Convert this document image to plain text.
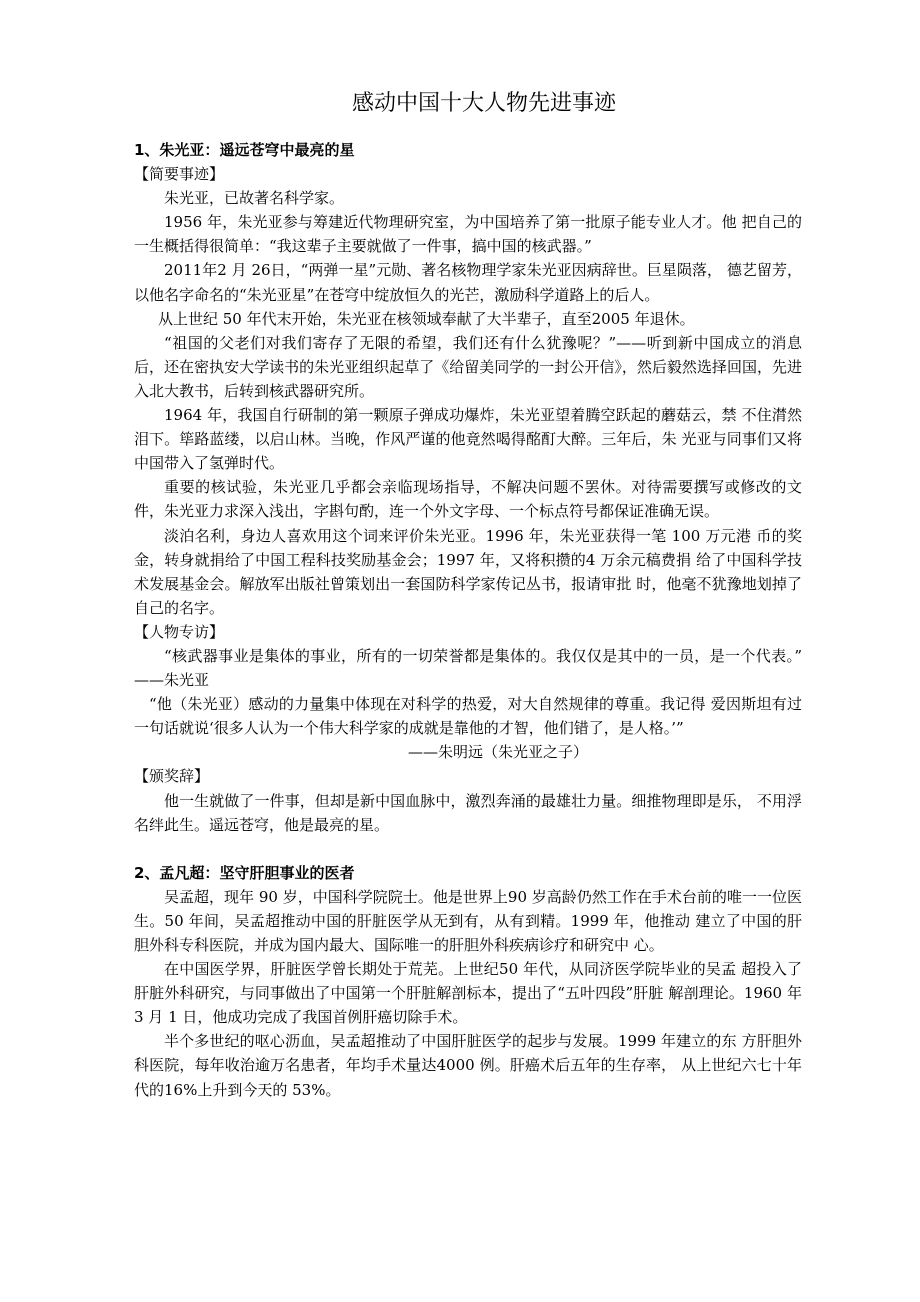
感动中国十大人物先进事迹

1、朱光亚：遥远苍穹中最亮的星

【简要事迹】

朱光亚，已故著名科学家。

1956 年，朱光亚参与筹建近代物理研究室，为中国培养了第一批原子能专业人才。他 把自己的一生概括得很简单：“我这辈子主要就做了一件事，搞中国的核武器。”

2011年2 月 26日，“两弹一星”元勋、著名核物理学家朱光亚因病辞世。巨星陨落， 德艺留芳，以他名字命名的“朱光亚星”在苍穹中绽放恒久的光芒，激励科学道路上的后人。

从上世纪 50 年代末开始，朱光亚在核领域奉献了大半辈子，直至2005 年退休。

“祖国的父老们对我们寄存了无限的希望，我们还有什么犹豫呢？”——听到新中国成立的消息后，还在密执安大学读书的朱光亚组织起草了《给留美同学的一封公开信》，然后毅然选择回国，先进入北大教书，后转到核武器研究所。

1964 年，我国自行研制的第一颗原子弹成功爆炸，朱光亚望着腾空跃起的蘑菇云，禁 不住潸然泪下。筚路蓝缕，以启山林。当晚，作风严谨的他竟然喝得酩酊大醉。三年后，朱 光亚与同事们又将中国带入了氢弹时代。

重要的核试验，朱光亚几乎都会亲临现场指导，不解决问题不罢休。对待需要撰写或修改的文件，朱光亚力求深入浅出，字斟句酌，连一个外文字母、一个标点符号都保证准确无误。

淡泊名利，身边人喜欢用这个词来评价朱光亚。1996 年，朱光亚获得一笔 100 万元港 币的奖金，转身就捐给了中国工程科技奖励基金会；1997 年，又将积攒的4 万余元稿费捐 给了中国科学技术发展基金会。解放军出版社曾策划出一套国防科学家传记丛书，报请审批 时，他毫不犹豫地划掉了自己的名字。

【人物专访】

“核武器事业是集体的事业，所有的一切荣誉都是集体的。我仅仅是其中的一员，是一个代表。” ——朱光亚

“他（朱光亚）感动的力量集中体现在对科学的热爱，对大自然规律的尊重。我记得 爱因斯坦有过一句话就说‘很多人认为一个伟大科学家的成就是靠他的才智，他们错了，是人格。’”

——朱明远（朱光亚之子）

【颁奖辞】

他一生就做了一件事，但却是新中国血脉中，激烈奔涌的最雄壮力量。细推物理即是乐， 不用浮名绊此生。遥远苍穹，他是最亮的星。

2、孟凡超：坚守肝胆事业的医者

吴孟超，现年 90 岁，中国科学院院士。他是世界上90 岁高龄仍然工作在手术台前的唯一一位医生。50 年间，吴孟超推动中国的肝脏医学从无到有，从有到精。1999 年，他推动 建立了中国的肝胆外科专科医院，并成为国内最大、国际唯一的肝胆外科疾病诊疗和研究中 心。

在中国医学界，肝脏医学曾长期处于荒芜。上世纪50 年代，从同济医学院毕业的吴孟 超投入了肝脏外科研究，与同事做出了中国第一个肝脏解剖标本，提出了“五叶四段”肝脏 解剖理论。1960 年 3 月 1 日，他成功完成了我国首例肝癌切除手术。

半个多世纪的呕心沥血，吴孟超推动了中国肝脏医学的起步与发展。1999 年建立的东 方肝胆外科医院，每年收治逾万名患者，年均手术量达4000 例。肝癌术后五年的生存率， 从上世纪六七十年代的16%上升到今天的 53%。
